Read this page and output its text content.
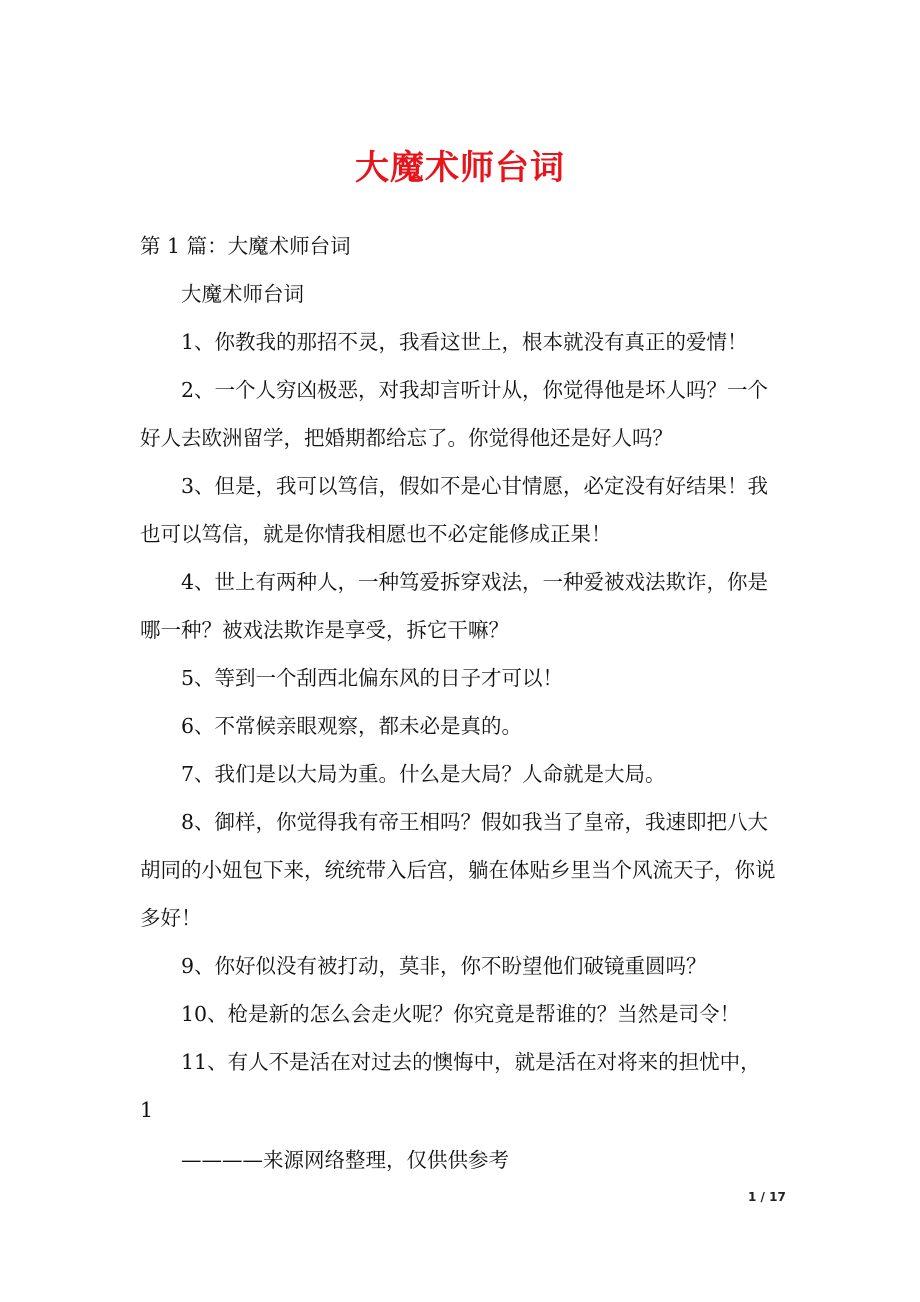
大魔术师台词

第 1 篇：大魔术师台词

大魔术师台词

1、你教我的那招不灵，我看这世上，根本就没有真正的爱情！

2、一个人穷凶极恶，对我却言听计从，你觉得他是坏人吗？一个好人去欧洲留学，把婚期都给忘了。你觉得他还是好人吗？

3、但是，我可以笃信，假如不是心甘情愿，必定没有好结果！我也可以笃信，就是你情我相愿也不必定能修成正果！

4、世上有两种人，一种笃爱拆穿戏法，一种爱被戏法欺诈，你是哪一种？被戏法欺诈是享受，拆它干嘛？

5、等到一个刮西北偏东风的日子才可以！

6、不常候亲眼观察，都未必是真的。

7、我们是以大局为重。什么是大局？人命就是大局。

8、御样，你觉得我有帝王相吗？假如我当了皇帝，我速即把八大胡同的小妞包下来，统统带入后宫，躺在体贴乡里当个风流天子，你说多好！

9、你好似没有被打动，莫非，你不盼望他们破镜重圆吗？

10、枪是新的怎么会走火呢？你究竟是帮谁的？当然是司令！

11、有人不是活在对过去的懊悔中，就是活在对将来的担忧中，

1

————来源网络整理，仅供供参考
1 / 17
